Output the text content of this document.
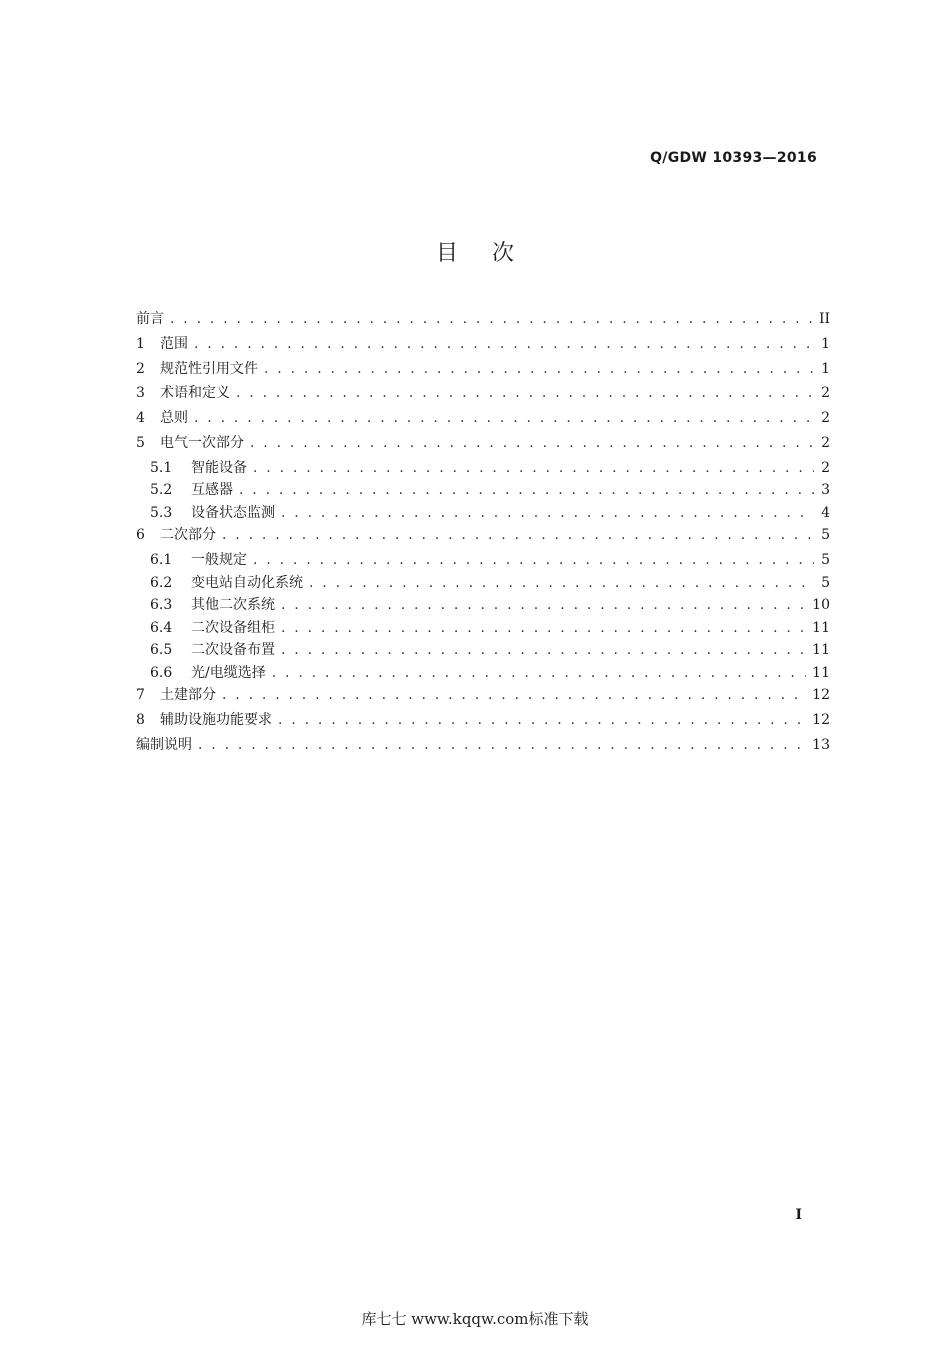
Q/GDW 10393—2016
目次
前言 . . .	II
1	范围 . . .	1
2	规范性引用文件 . . .	1
3	术语和定义 . . .	2
4	总则 . . .	2
5	电气一次部分 . . .	2
5.1	智能设备 . . .	2
5.2	互感器 . . .	3
5.3	设备状态监测 . . .	4
6	二次部分 . . .	5
6.1	一般规定 . . .	5
6.2	变电站自动化系统 . . .	5
6.3	其他二次系统 . . .	10
6.4	二次设备组柜 . . .	11
6.5	二次设备布置 . . .	11
6.6	光/电缆选择 . . .	11
7	土建部分 . . .	12
8	辅助设施功能要求 . . .	12
编制说明 . . .	13
I
库七七 www.kqqw.com标准下载
